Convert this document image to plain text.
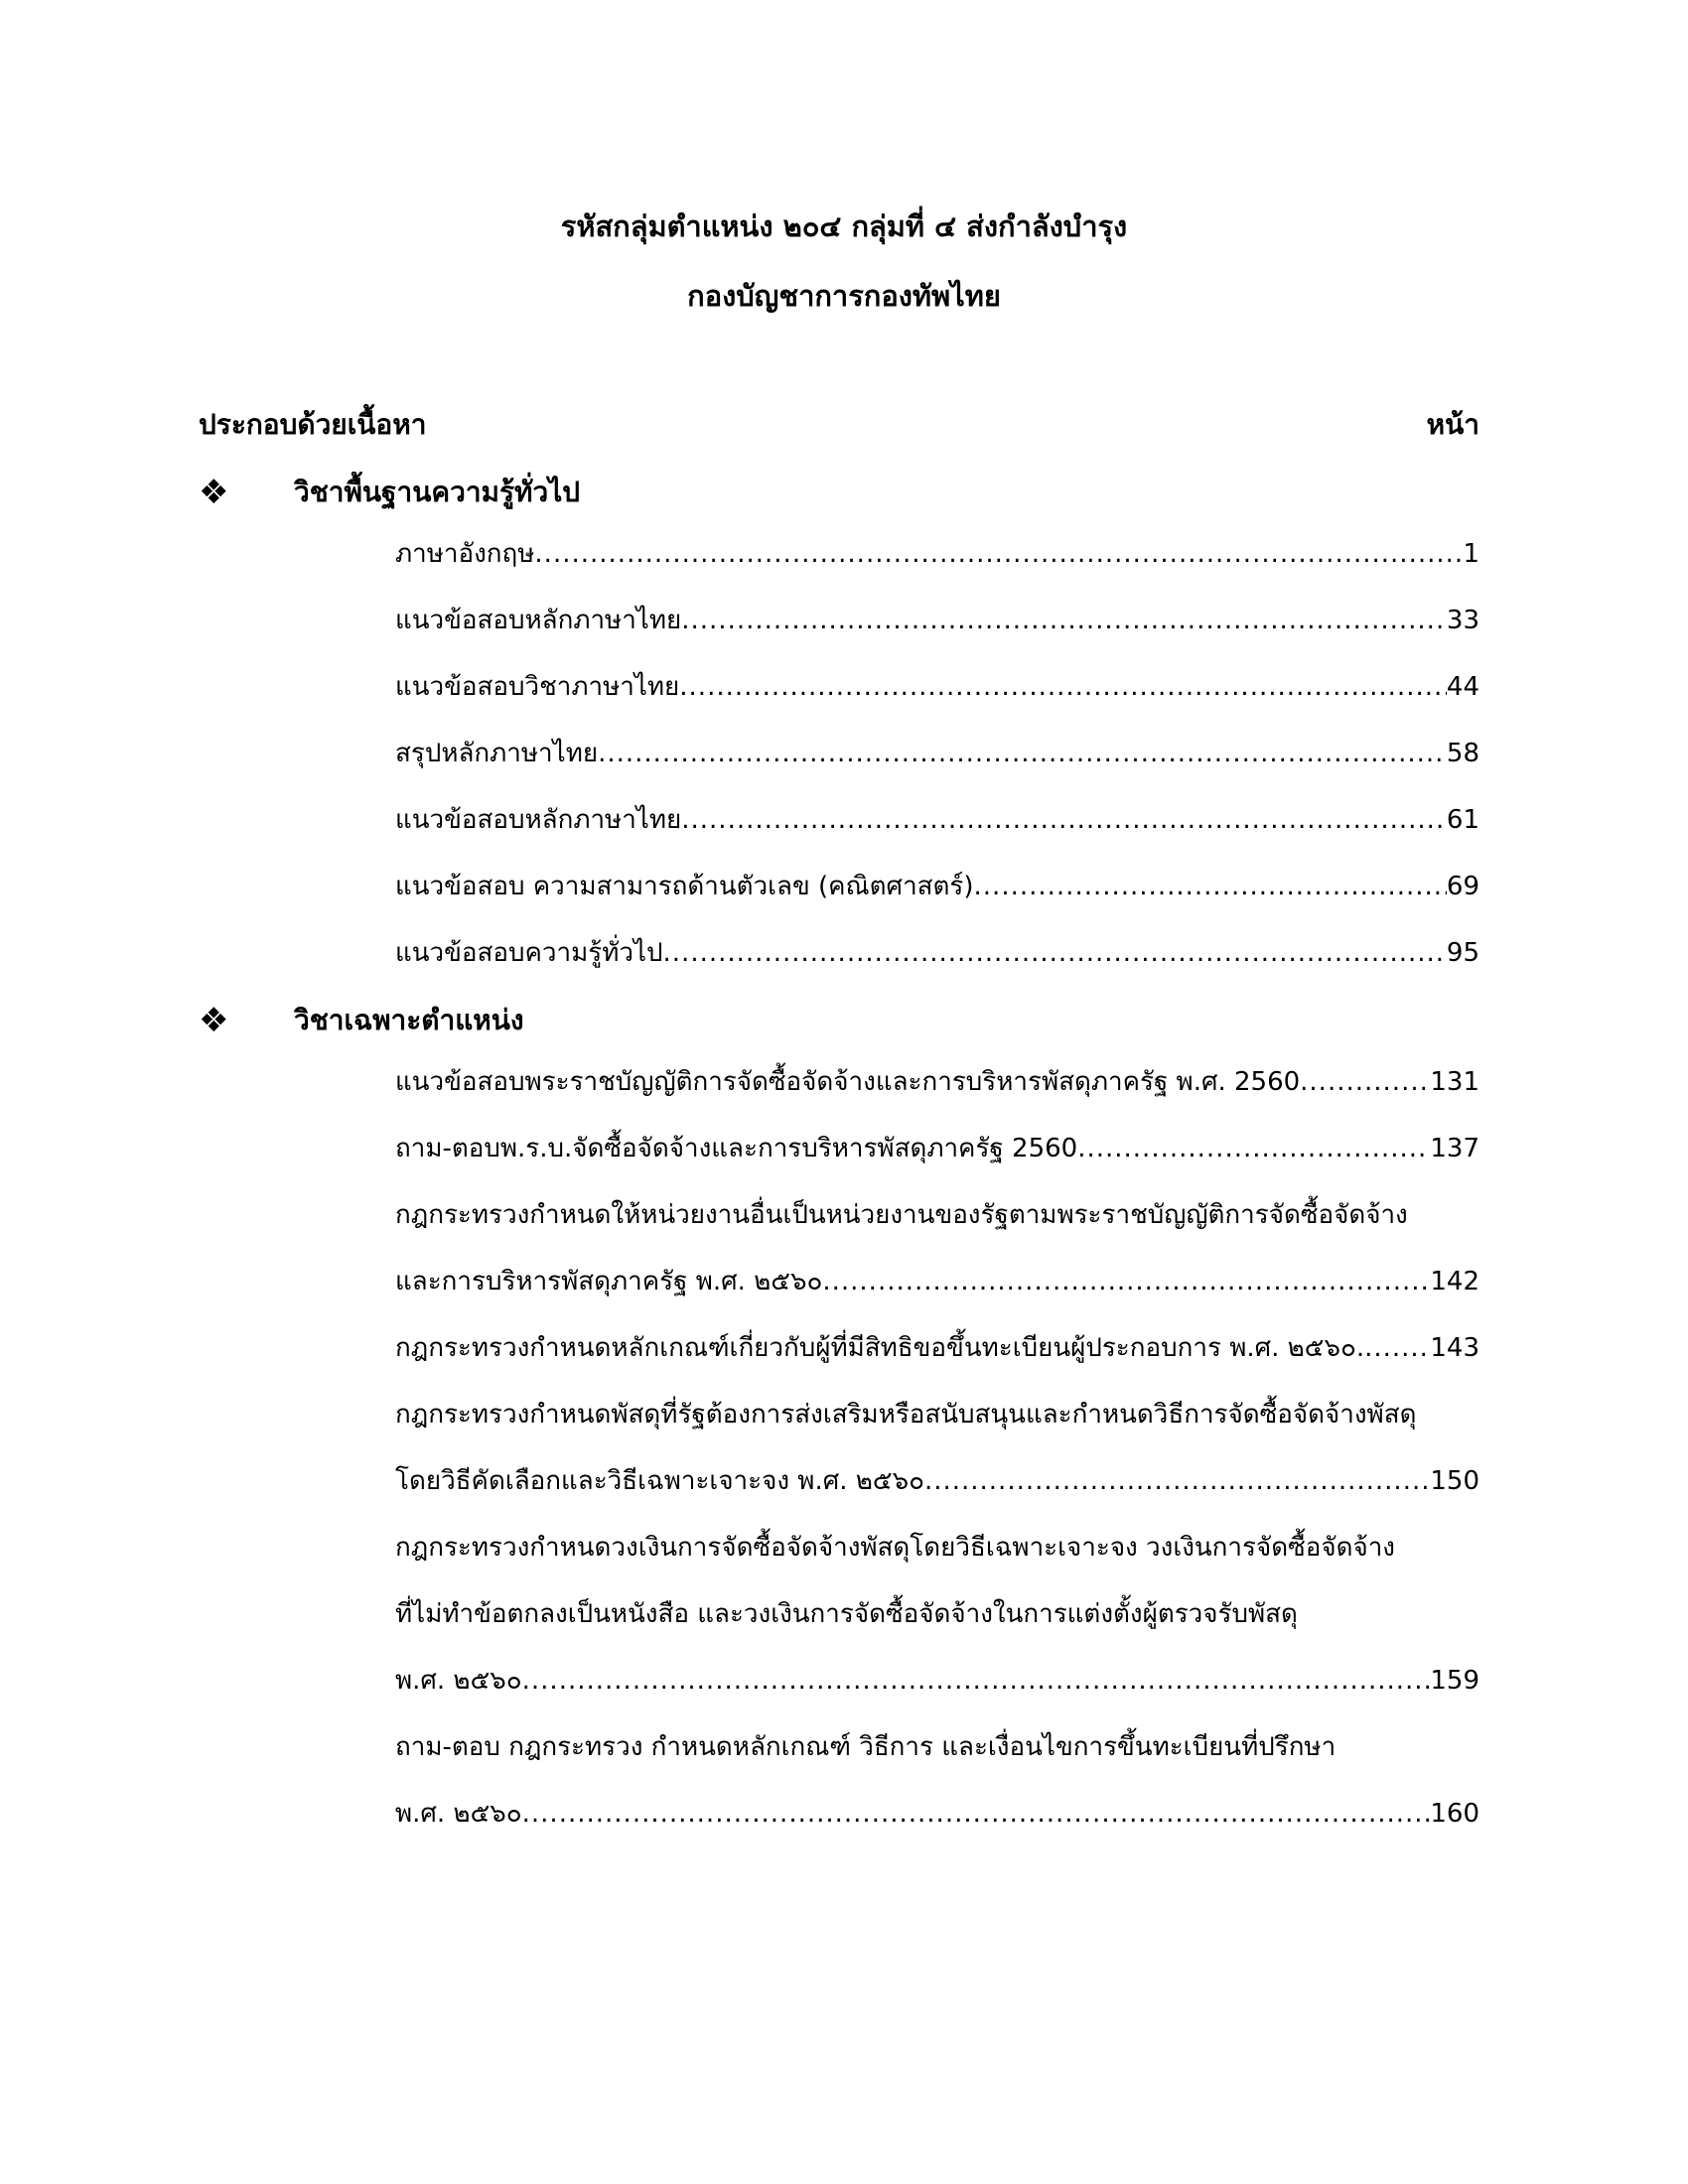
รหัสกลุ่มตำแหน่ง ๒๐๔ กลุ่มที่ ๔ ส่งกำลังบำรุง
กองบัญชาการกองทัพไทย
ประกอบด้วยเนื้อหา	หน้า
❖ วิชาพื้นฐานความรู้ทั่วไป
ภาษาอังกฤษ .....	1
แนวข้อสอบหลักภาษาไทย .....	33
แนวข้อสอบวิชาภาษาไทย .....	44
สรุปหลักภาษาไทย .....	58
แนวข้อสอบหลักภาษาไทย .....	61
แนวข้อสอบ ความสามารถด้านตัวเลข (คณิตศาสตร์) .....	69
แนวข้อสอบความรู้ทั่วไป .....	95
❖ วิชาเฉพาะตำแหน่ง
แนวข้อสอบพระราชบัญญัติการจัดซื้อจัดจ้างและการบริหารพัสดุภาครัฐ พ.ศ. 2560 .....	131
ถาม-ตอบพ.ร.บ.จัดซื้อจัดจ้างและการบริหารพัสดุภาครัฐ 2560 .....	137
กฎกระทรวงกำหนดให้หน่วยงานอื่นเป็นหน่วยงานของรัฐตามพระราชบัญญัติการจัดซื้อจัดจ้าง
และการบริหารพัสดุภาครัฐ พ.ศ. ๒๕๖๐ .....	142
กฎกระทรวงกำหนดหลักเกณฑ์เกี่ยวกับผู้ที่มีสิทธิขอขึ้นทะเบียนผู้ประกอบการ พ.ศ. ๒๕๖๐. .....	143
กฎกระทรวงกำหนดพัสดุที่รัฐต้องการส่งเสริมหรือสนับสนุนและกำหนดวิธีการจัดซื้อจัดจ้างพัสดุ
โดยวิธีคัดเลือกและวิธีเฉพาะเจาะจง พ.ศ. ๒๕๖๐ .....	150
กฎกระทรวงกำหนดวงเงินการจัดซื้อจัดจ้างพัสดุโดยวิธีเฉพาะเจาะจง วงเงินการจัดซื้อจัดจ้าง
ที่ไม่ทำข้อตกลงเป็นหนังสือ และวงเงินการจัดซื้อจัดจ้างในการแต่งตั้งผู้ตรวจรับพัสดุ
พ.ศ. ๒๕๖๐ .....	159
ถาม-ตอบ กฎกระทรวง กำหนดหลักเกณฑ์ วิธีการ และเงื่อนไขการขึ้นทะเบียนที่ปรึกษา
พ.ศ. ๒๕๖๐ .....	160
